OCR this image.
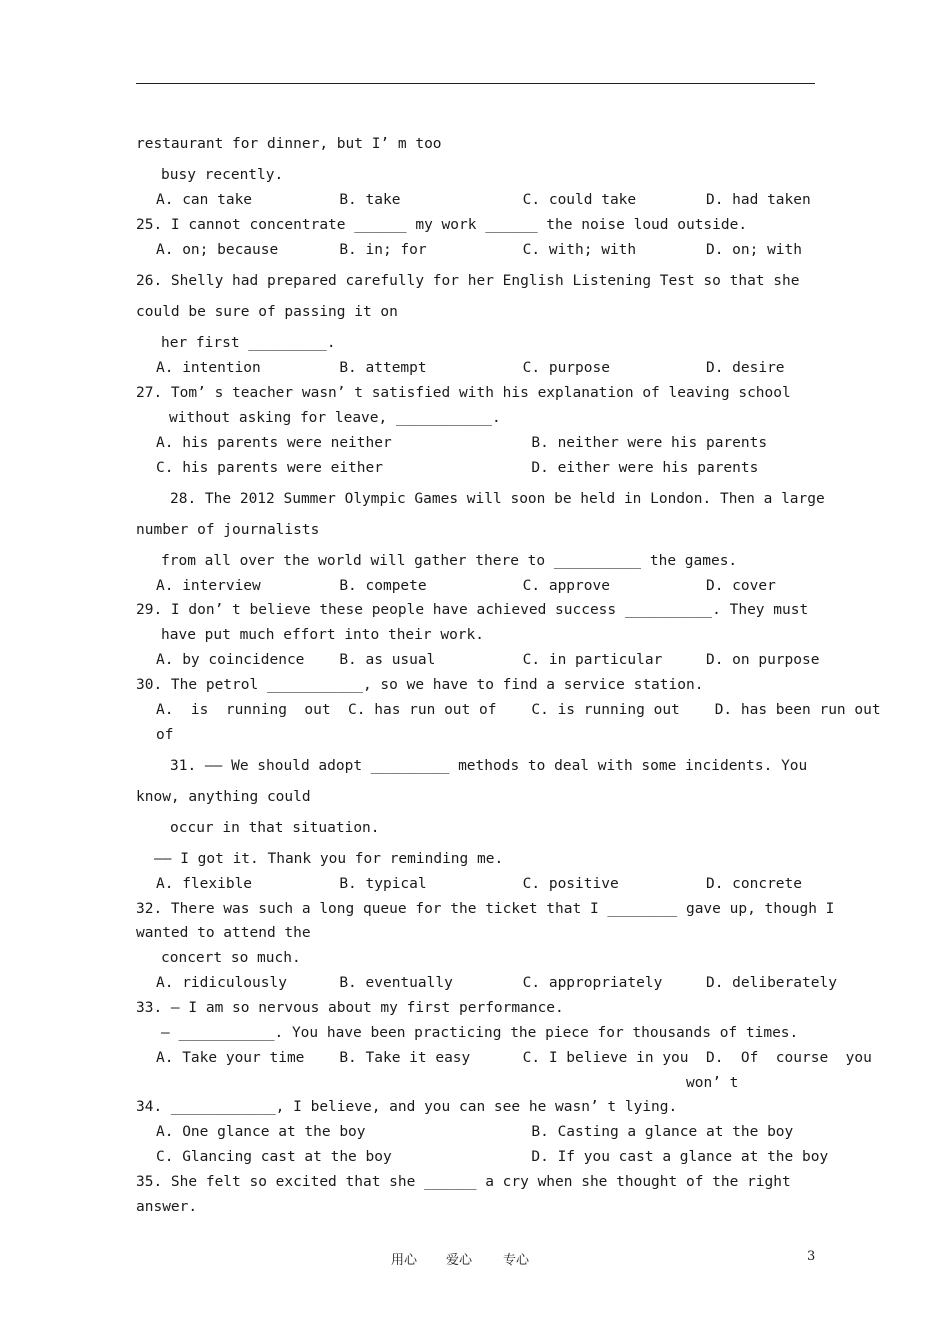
restaurant for dinner, but I’ m too
busy recently.
A. can take          B. take              C. could take        D. had taken
25. I cannot concentrate ______ my work ______ the noise loud outside.
A. on; because       B. in; for           C. with; with        D. on; with
26. Shelly had prepared carefully for her English Listening Test so that she
could be sure of passing it on
her first _________.
A. intention         B. attempt           C. purpose           D. desire
27. Tom’ s teacher wasn’ t satisfied with his explanation of leaving school
without asking for leave, ___________.
A. his parents were neither                B. neither were his parents
C. his parents were either                 D. either were his parents
28. The 2012 Summer Olympic Games will soon be held in London. Then a large
number of journalists
from all over the world will gather there to __________ the games.
A. interview         B. compete           C. approve           D. cover
29. I don’ t believe these people have achieved success __________. They must
have put much effort into their work.
A. by coincidence    B. as usual          C. in particular     D. on purpose
30. The petrol ___________, so we have to find a service station.
A.  is  running  out  C. has run out of    C. is running out    D. has been run out
of
31. —— We should adopt _________ methods to deal with some incidents. You
know, anything could
occur in that situation.
—— I got it. Thank you for reminding me.
A. flexible          B. typical           C. positive          D. concrete
32. There was such a long queue for the ticket that I ________ gave up, though I
wanted to attend the
concert so much.
A. ridiculously      B. eventually        C. appropriately     D. deliberately
33. — I am so nervous about my first performance.
— ___________. You have been practicing the piece for thousands of times.
A. Take your time    B. Take it easy      C. I believe in you  D.  Of  course  you
won’ t
34. ____________, I believe, and you can see he wasn’ t lying.
A. One glance at the boy                   B. Casting a glance at the boy
C. Glancing cast at the boy                D. If you cast a glance at the boy
35. She felt so excited that she ______ a cry when she thought of the right
answer.
用心 爱心 专心	3
